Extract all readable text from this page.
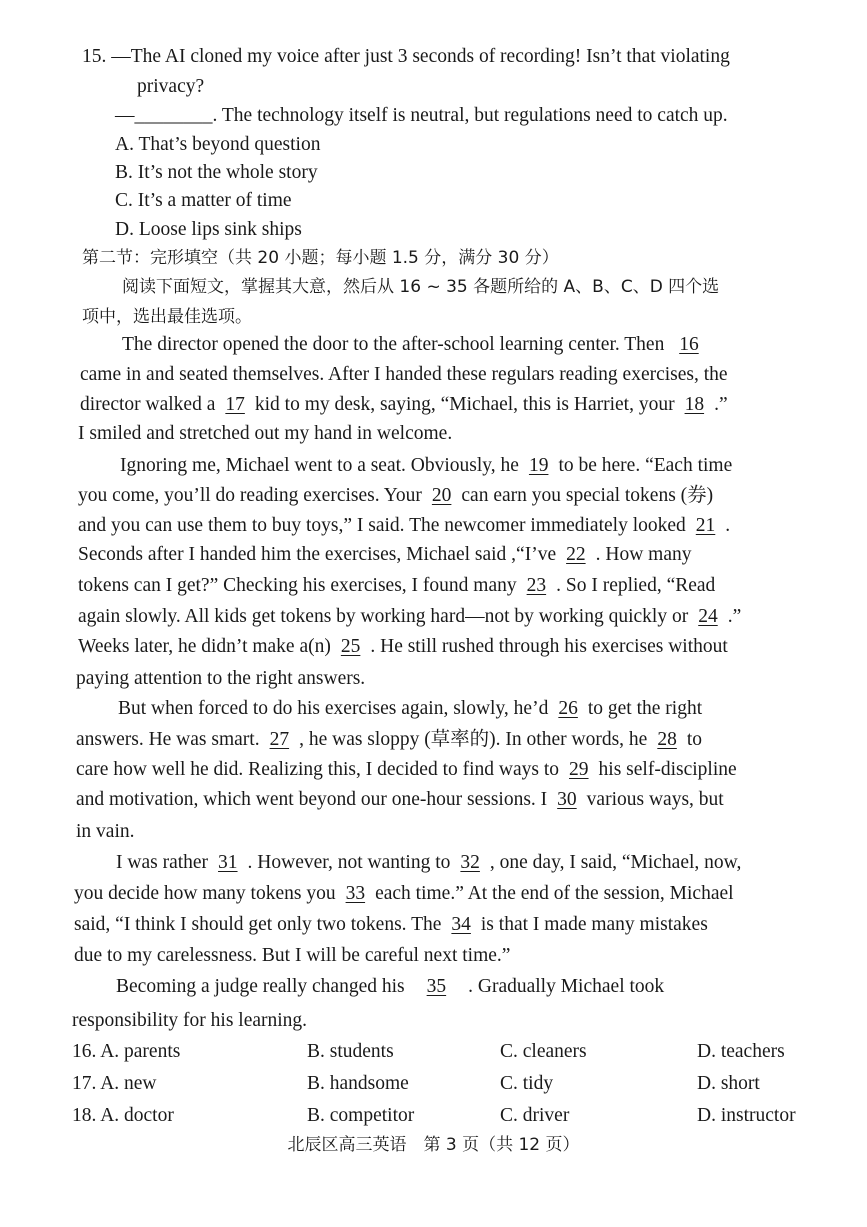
15. —The AI cloned my voice after just 3 seconds of recording! Isn’t that violating
privacy?
—________. The technology itself is neutral, but regulations need to catch up.
A. That’s beyond question
B. It’s not the whole story
C. It’s a matter of time
D. Loose lips sink ships
第二节：完形填空（共 20 小题；每小题 1.5 分，满分 30 分）
阅读下面短文，掌握其大意，然后从 16 ~ 35 各题所给的 A、B、C、D 四个选
项中，选出最佳选项。
The director opened the door to the after-school learning center. Then 16
came in and seated themselves. After I handed these regulars reading exercises, the
director walked a 17 kid to my desk, saying, “Michael, this is Harriet, your 18 .”
I smiled and stretched out my hand in welcome.
Ignoring me, Michael went to a seat. Obviously, he 19 to be here. “Each time
you come, you’ll do reading exercises. Your 20 can earn you special tokens (券)
and you can use them to buy toys,” I said. The newcomer immediately looked 21 .
Seconds after I handed him the exercises, Michael said ,“I’ve 22 . How many
tokens can I get?” Checking his exercises, I found many 23 . So I replied, “Read
again slowly. All kids get tokens by working hard—not by working quickly or 24 .”
Weeks later, he didn’t make a(n) 25 . He still rushed through his exercises without
paying attention to the right answers.
But when forced to do his exercises again, slowly, he’d 26 to get the right
answers. He was smart. 27 , he was sloppy (草率的). In other words, he 28 to
care how well he did. Realizing this, I decided to find ways to 29 his self-discipline
and motivation, which went beyond our one-hour sessions. I 30 various ways, but
in vain.
I was rather 31 . However, not wanting to 32 , one day, I said, “Michael, now,
you decide how many tokens you 33 each time.” At the end of the session, Michael
said, “I think I should get only two tokens. The 34 is that I made many mistakes
due to my carelessness. But I will be careful next time.”
Becoming a judge really changed his 35 . Gradually Michael took
responsibility for his learning.
16. A. parents	B. students	C. cleaners	D. teachers
17. A. new	B. handsome	C. tidy	D. short
18. A. doctor	B. competitor	C. driver	D. instructor
北辰区高三英语　第 3 页（共 12 页）
